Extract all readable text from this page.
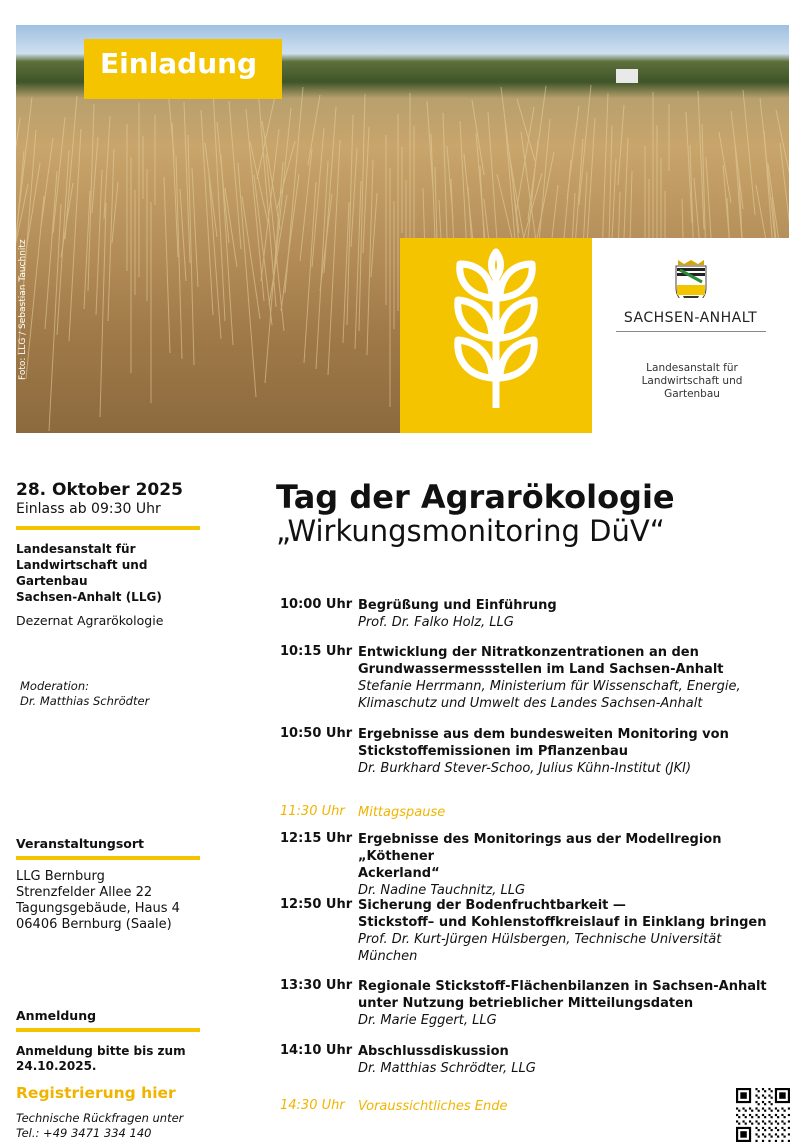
Einladung
Foto: LLG / Sebastian Tauchnitz	SACHSEN-ANHALT
Landesanstalt für Landwirtschaft und Gartenbau
28. Oktober 2025
Einlass ab 09:30 Uhr
Landesanstalt für
Landwirtschaft und
Gartenbau
Sachsen-Anhalt (LLG)
Dezernat Agrarökologie
Moderation:
Dr. Matthias Schrödter
Veranstaltungsort
LLG Bernburg
Strenzfelder Allee 22
Tagungsgebäude, Haus 4
06406 Bernburg (Saale)
Anmeldung
Anmeldung bitte bis zum
24.10.2025.
Registrierung hier
Technische Rückfragen unter
Tel.: +49 3471 334 140
Tag der Agrarökologie
„Wirkungsmonitoring DüV“
10:00 Uhr Begrüßung und Einführung
Prof. Dr. Falko Holz, LLG
10:15 Uhr Entwicklung der Nitratkonzentrationen an den
Grundwassermessstellen im Land Sachsen-Anhalt
Stefanie Herrmann, Ministerium für Wissenschaft, Energie,
Klimaschutz und Umwelt des Landes Sachsen-Anhalt
10:50 Uhr Ergebnisse aus dem bundesweiten Monitoring von
Stickstoffemissionen im Pflanzenbau
Dr. Burkhard Stever-Schoo, Julius Kühn-Institut (JKI)
11:30 Uhr Mittagspause
12:15 Uhr Ergebnisse des Monitorings aus der Modellregion „Köthener
Ackerland“
Dr. Nadine Tauchnitz, LLG
12:50 Uhr Sicherung der Bodenfruchtbarkeit —
Stickstoff– und Kohlenstoffkreislauf in Einklang bringen
Prof. Dr. Kurt-Jürgen Hülsbergen, Technische Universität
München
13:30 Uhr Regionale Stickstoff-Flächenbilanzen in Sachsen-Anhalt
unter Nutzung betrieblicher Mitteilungsdaten
Dr. Marie Eggert, LLG
14:10 Uhr Abschlussdiskussion
Dr. Matthias Schrödter, LLG
14:30 Uhr Voraussichtliches Ende
